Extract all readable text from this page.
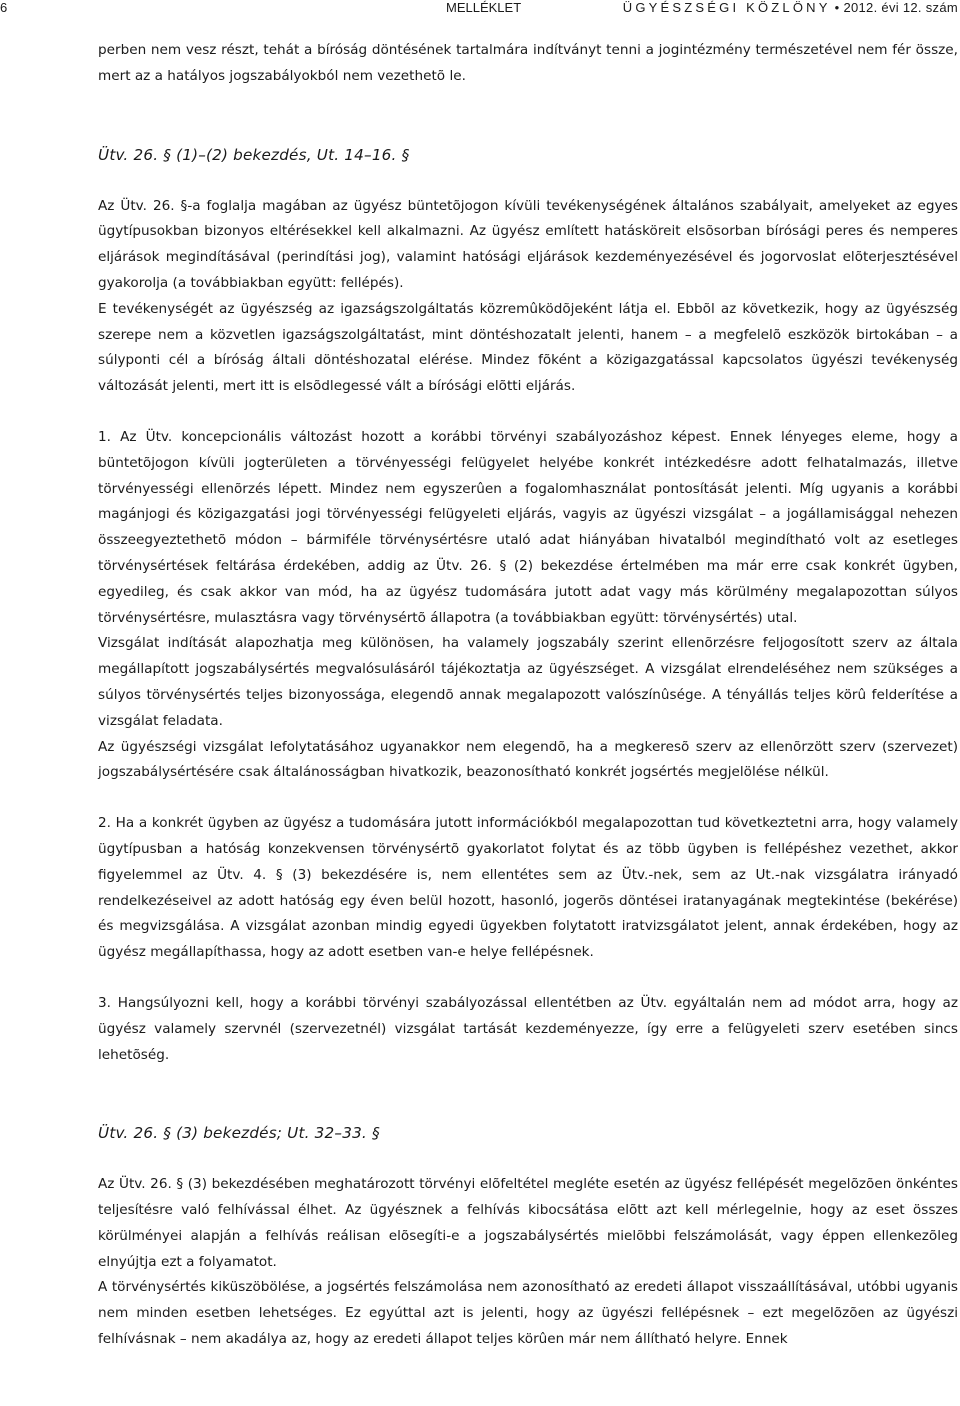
6	MELLÉKLET	ÜGYÉSZSÉGI KÖZLÖNY • 2012. évi 12. szám

perben nem vesz részt, tehát a bíróság döntésének tartalmára indítványt tenni a jogintézmény természetével nem fér össze, mert az a hatályos jogszabályokból nem vezethetõ le.

Ütv. 26. § (1)–(2) bekezdés, Ut. 14–16. §

Az Ütv. 26. §-a foglalja magában az ügyész büntetõjogon kívüli tevékenységének általános szabályait, amelyeket az egyes ügytípusokban bizonyos eltérésekkel kell alkalmazni. Az ügyész említett hatásköreit elsõsorban bírósági peres és nemperes eljárások megindításával (perindítási jog), valamint hatósági eljárások kezdeményezésével és jogorvoslat elõterjesztésével gyakorolja (a továbbiakban együtt: fellépés).

E tevékenységét az ügyészség az igazságszolgáltatás közremûködõjeként látja el. Ebbõl az következik, hogy az ügyészség szerepe nem a közvetlen igazságszolgáltatást, mint döntéshozatalt jelenti, hanem – a megfelelõ eszközök birtokában – a súlyponti cél a bíróság általi döntéshozatal elérése. Mindez fõként a közigazgatással kapcsolatos ügyészi tevékenység változását jelenti, mert itt is elsõdlegessé vált a bírósági elõtti eljárás.

1. Az Ütv. koncepcionális változást hozott a korábbi törvényi szabályozáshoz képest. Ennek lényeges eleme, hogy a büntetõjogon kívüli jogterületen a törvényességi felügyelet helyébe konkrét intézkedésre adott felhatalmazás, illetve törvényességi ellenõrzés lépett. Mindez nem egyszerûen a fogalomhasználat pontosítását jelenti. Míg ugyanis a korábbi magánjogi és közigazgatási jogi törvényességi felügyeleti eljárás, vagyis az ügyészi vizsgálat – a jogállamisággal nehezen összeegyeztethetõ módon – bármiféle törvénysértésre utaló adat hiányában hivatalból megindítható volt az esetleges törvénysértések feltárása érdekében, addig az Ütv. 26. § (2) bekezdése értelmében ma már erre csak konkrét ügyben, egyedileg, és csak akkor van mód, ha az ügyész tudomására jutott adat vagy más körülmény megalapozottan súlyos törvénysértésre, mulasztásra vagy törvénysértõ állapotra (a továbbiakban együtt: törvénysértés) utal.

Vizsgálat indítását alapozhatja meg különösen, ha valamely jogszabály szerint ellenõrzésre feljogosított szerv az általa megállapított jogszabálysértés megvalósulásáról tájékoztatja az ügyészséget. A vizsgálat elrendeléséhez nem szükséges a súlyos törvénysértés teljes bizonyossága, elegendõ annak megalapozott valószínûsége. A tényállás teljes körû felderítése a vizsgálat feladata.

Az ügyészségi vizsgálat lefolytatásához ugyanakkor nem elegendõ, ha a megkeresõ szerv az ellenõrzött szerv (szervezet) jogszabálysértésére csak általánosságban hivatkozik, beazonosítható konkrét jogsértés megjelölése nélkül.

2. Ha a konkrét ügyben az ügyész a tudomására jutott információkból megalapozottan tud következtetni arra, hogy valamely ügytípusban a hatóság konzekvensen törvénysértõ gyakorlatot folytat és az több ügyben is fellépéshez vezethet, akkor figyelemmel az Ütv. 4. § (3) bekezdésére is, nem ellentétes sem az Ütv.-nek, sem az Ut.-nak vizsgálatra irányadó rendelkezéseivel az adott hatóság egy éven belül hozott, hasonló, jogerõs döntései iratanyagának megtekintése (bekérése) és megvizsgálása. A vizsgálat azonban mindig egyedi ügyekben folytatott iratvizsgálatot jelent, annak érdekében, hogy az ügyész megállapíthassa, hogy az adott esetben van-e helye fellépésnek.

3. Hangsúlyozni kell, hogy a korábbi törvényi szabályozással ellentétben az Ütv. egyáltalán nem ad módot arra, hogy az ügyész valamely szervnél (szervezetnél) vizsgálat tartását kezdeményezze, így erre a felügyeleti szerv esetében sincs lehetõség.

Ütv. 26. § (3) bekezdés; Ut. 32–33. §

Az Ütv. 26. § (3) bekezdésében meghatározott törvényi elõfeltétel megléte esetén az ügyész fellépését megelõzõen önkéntes teljesítésre való felhívással élhet. Az ügyésznek a felhívás kibocsátása elõtt azt kell mérlegelnie, hogy az eset összes körülményei alapján a felhívás reálisan elõsegíti-e a jogszabálysértés mielõbbi felszámolását, vagy éppen ellenkezõleg elnyújtja ezt a folyamatot.

A törvénysértés kiküszöbölése, a jogsértés felszámolása nem azonosítható az eredeti állapot visszaállításával, utóbbi ugyanis nem minden esetben lehetséges. Ez egyúttal azt is jelenti, hogy az ügyészi fellépésnek – ezt megelõzõen az ügyészi felhívásnak – nem akadálya az, hogy az eredeti állapot teljes körûen már nem állítható helyre. Ennek
